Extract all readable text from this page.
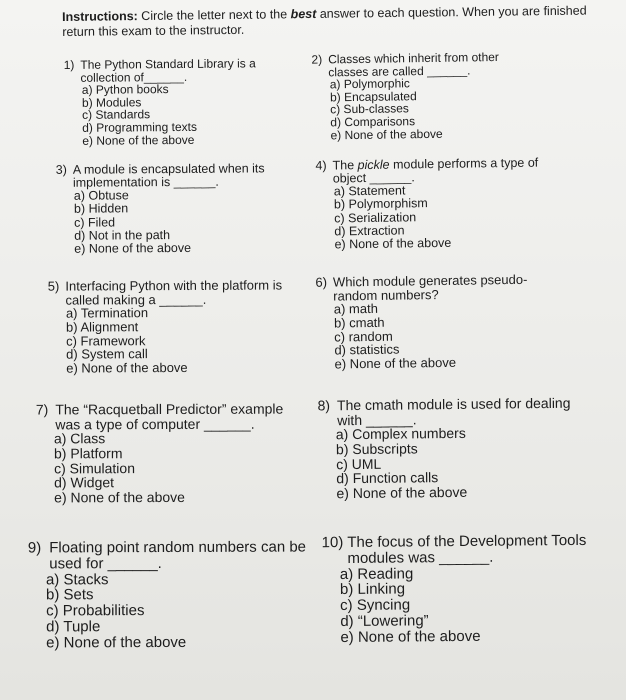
Instructions: Circle the letter next to the best answer to each question. When you are finished return this exam to the instructor.
1) The Python Standard Library is a collection of______.
a) Python books
b) Modules
c) Standards
d) Programming texts
e) None of the above
2) Classes which inherit from other classes are called ______.
a) Polymorphic
b) Encapsulated
c) Sub-classes
d) Comparisons
e) None of the above
3) A module is encapsulated when its implementation is ______.
a) Obtuse
b) Hidden
c) Filed
d) Not in the path
e) None of the above
4) The pickle module performs a type of object ______.
a) Statement
b) Polymorphism
c) Serialization
d) Extraction
e) None of the above
5) Interfacing Python with the platform is called making a ______.
a) Termination
b) Alignment
c) Framework
d) System call
e) None of the above
6) Which module generates pseudo-random numbers?
a) math
b) cmath
c) random
d) statistics
e) None of the above
7) The “Racquetball Predictor” example was a type of computer ______.
a) Class
b) Platform
c) Simulation
d) Widget
e) None of the above
8) The cmath module is used for dealing with ______.
a) Complex numbers
b) Subscripts
c) UML
d) Function calls
e) None of the above
9) Floating point random numbers can be used for ______.
a) Stacks
b) Sets
c) Probabilities
d) Tuple
e) None of the above
10) The focus of the Development Tools modules was ______.
a) Reading
b) Linking
c) Syncing
d) “Lowering”
e) None of the above
